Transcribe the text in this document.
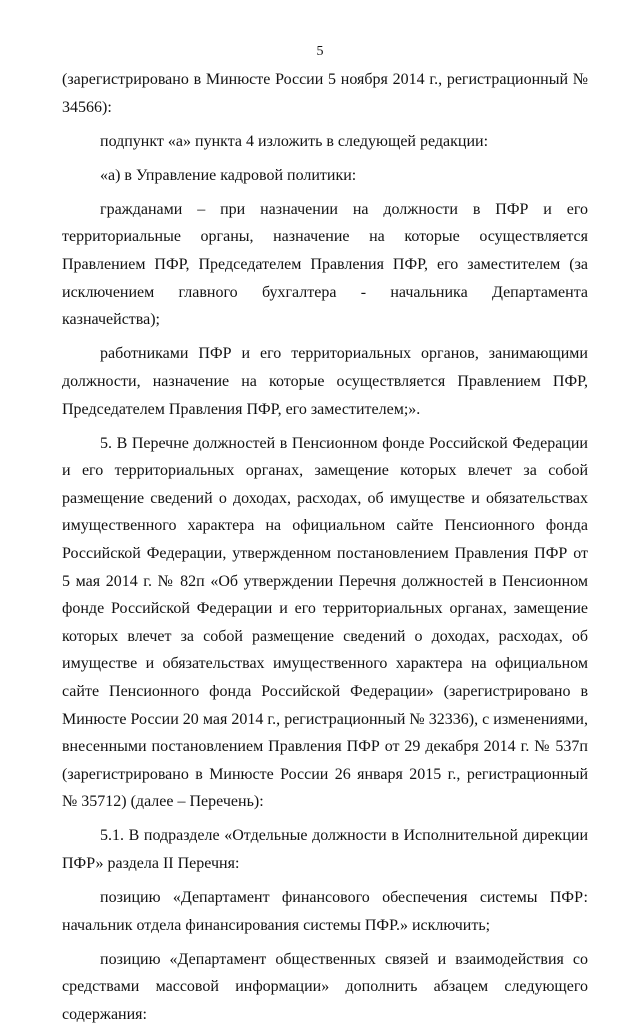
5

(зарегистрировано в Минюсте России 5 ноября 2014 г., регистрационный № 34566):

подпункт «а» пункта 4 изложить в следующей редакции:

«а) в Управление кадровой политики:

гражданами – при назначении на должности в ПФР и его территориальные органы, назначение на которые осуществляется Правлением ПФР, Председателем Правления ПФР, его заместителем (за исключением главного бухгалтера - начальника Департамента казначейства);

работниками ПФР и его территориальных органов, занимающими должности, назначение на которые осуществляется Правлением ПФР, Председателем Правления ПФР, его заместителем;».

5. В Перечне должностей в Пенсионном фонде Российской Федерации и его территориальных органах, замещение которых влечет за собой размещение сведений о доходах, расходах, об имуществе и обязательствах имущественного характера на официальном сайте Пенсионного фонда Российской Федерации, утвержденном постановлением Правления ПФР от 5 мая 2014 г. № 82п «Об утверждении Перечня должностей в Пенсионном фонде Российской Федерации и его территориальных органах, замещение которых влечет за собой размещение сведений о доходах, расходах, об имуществе и обязательствах имущественного характера на официальном сайте Пенсионного фонда Российской Федерации» (зарегистрировано в Минюсте России 20 мая 2014 г., регистрационный № 32336), с изменениями, внесенными постановлением Правления ПФР от 29 декабря 2014 г. № 537п (зарегистрировано в Минюсте России 26 января 2015 г., регистрационный № 35712) (далее – Перечень):

5.1. В подразделе «Отдельные должности в Исполнительной дирекции ПФР» раздела II Перечня:

позицию «Департамент финансового обеспечения системы ПФР: начальник отдела финансирования системы ПФР.» исключить;

позицию «Департамент общественных связей и взаимодействия со средствами массовой информации» дополнить абзацем следующего содержания:
